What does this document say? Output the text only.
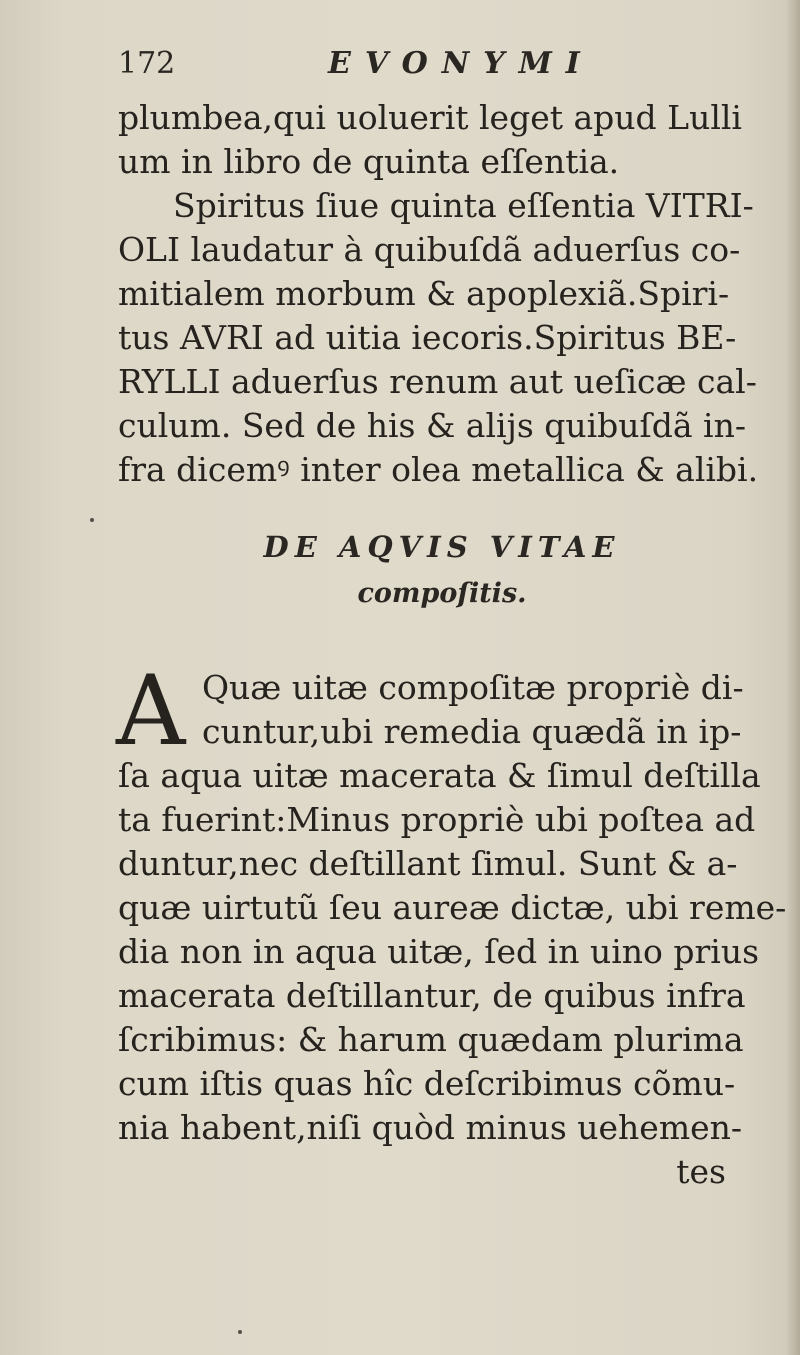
172	EVONYMI
plumbea,qui uoluerit leget apud Lulli
um in libro de quinta eſſentia.
Spiritus ſiue quinta eſſentia VITRI-
OLI laudatur à quibuſdã aduerſus co-
mitialem morbum & apoplexiã.Spiri-
tus AVRI ad uitia iecoris.Spiritus BE-
RYLLI aduerſus renum aut ueſicæ cal-
culum. Sed de his & alijs quibuſdã in-
fra dicemꝰ inter olea metallica & alibi.
DE AQVIS VITAE
compoſitis.
A Quæ uitæ compoſitæ propriè di-
cuntur,ubi remedia quædã in ip-
ſa aqua uitæ macerata & ſimul deſtilla
ta fuerint:Minus propriè ubi poſtea ad
duntur,nec deſtillant ſimul. Sunt & a-
quæ uirtutũ ſeu aureæ dictæ, ubi reme-
dia non in aqua uitæ, ſed in uino prius
macerata deſtillantur, de quibus infra
ſcribimus: & harum quædam plurima
cum iſtis quas hîc deſcribimus cõmu-
nia habent,niſi quòd minus uehemen-
tes
